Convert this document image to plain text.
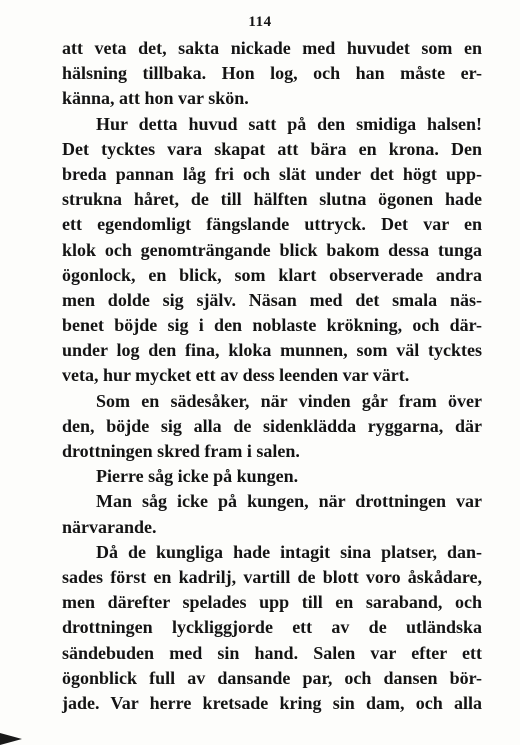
114
att veta det, sakta nickade med huvudet som en
hälsning tillbaka. Hon log, och han måste er-
känna, att hon var skön.
Hur detta huvud satt på den smidiga halsen!
Det tycktes vara skapat att bära en krona. Den
breda pannan låg fri och slät under det högt upp-
strukna håret, de till hälften slutna ögonen hade
ett egendomligt fängslande uttryck. Det var en
klok och genomträngande blick bakom dessa tunga
ögonlock, en blick, som klart observerade andra
men dolde sig själv. Näsan med det smala näs-
benet böjde sig i den noblaste krökning, och där-
under log den fina, kloka munnen, som väl tycktes
veta, hur mycket ett av dess leenden var värt.
Som en sädesåker, när vinden går fram över
den, böjde sig alla de sidenklädda ryggarna, där
drottningen skred fram i salen.
Pierre såg icke på kungen.
Man såg icke på kungen, när drottningen var
närvarande.
Då de kungliga hade intagit sina platser, dan-
sades först en kadrilj, vartill de blott voro åskådare,
men därefter spelades upp till en saraband, och
drottningen lyckliggjorde ett av de utländska
sändebuden med sin hand. Salen var efter ett
ögonblick full av dansande par, och dansen bör-
jade. Var herre kretsade kring sin dam, och alla
